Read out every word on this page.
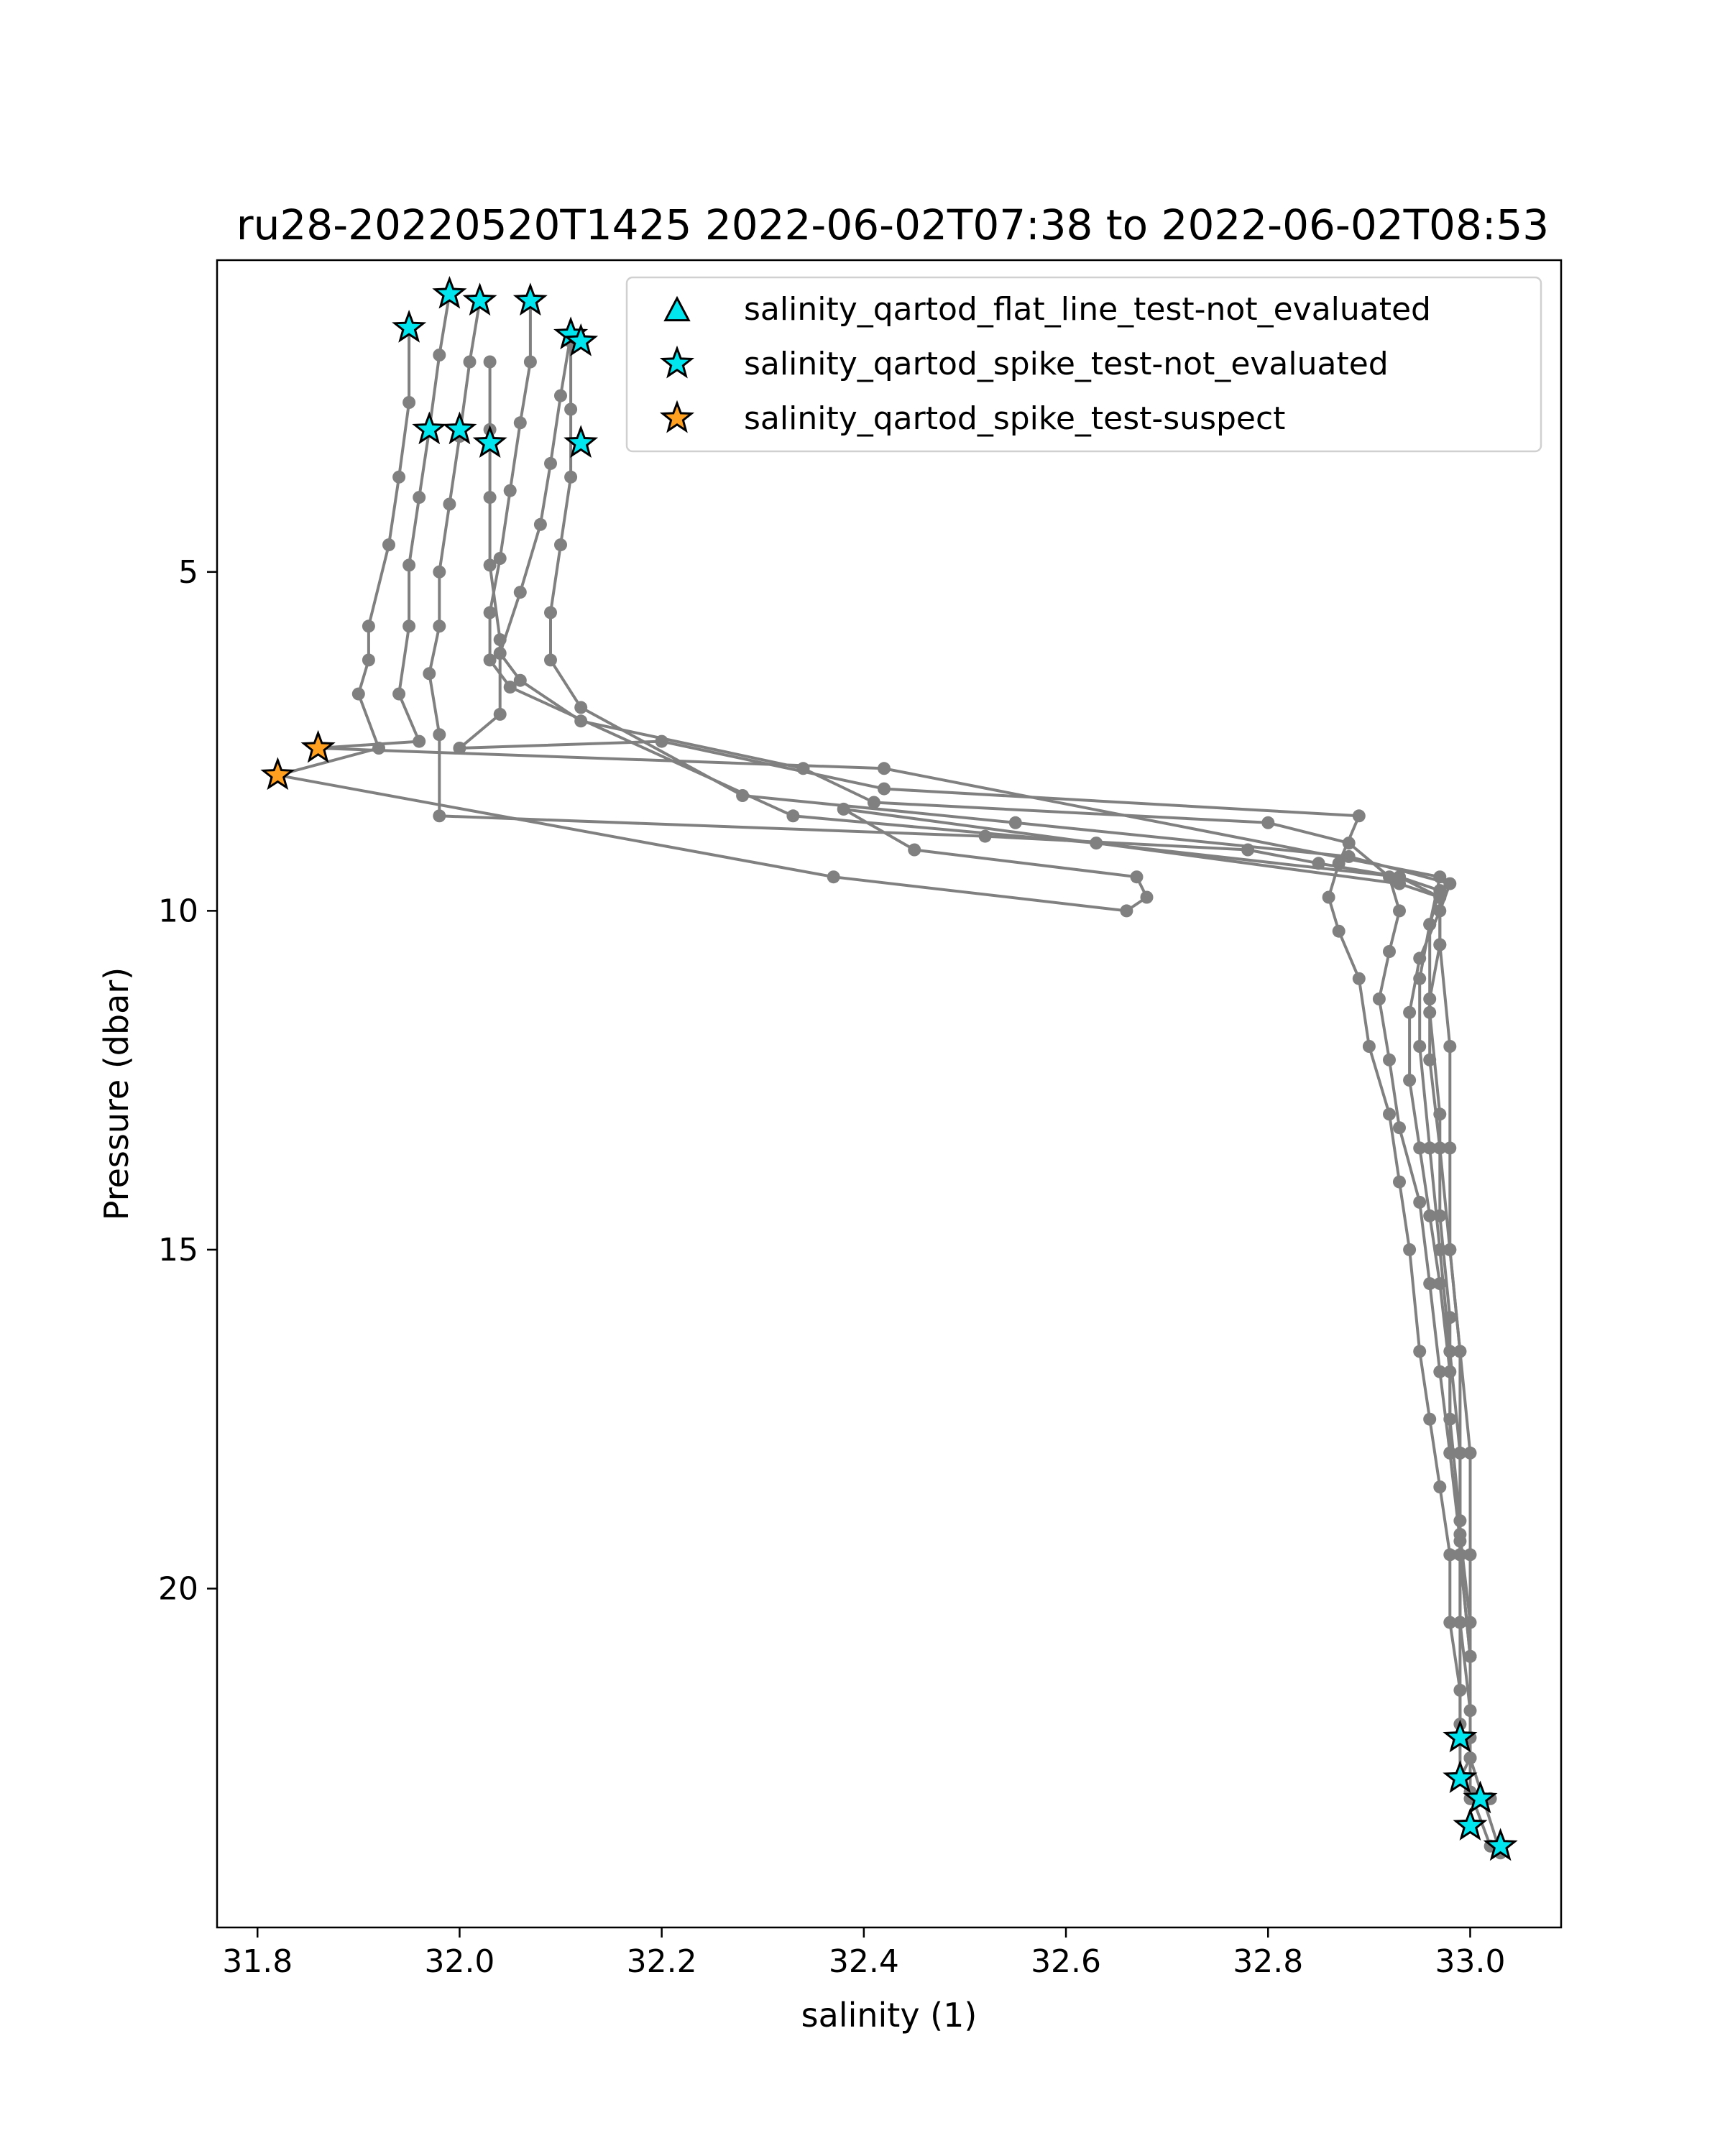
ru28-20220520T1425 2022-06-02T07:38 to 2022-06-02T08:53
31.8	32.0	32.2	32.4	32.6	32.8	33.0
5
10
15
20
salinity (1)
Pressure (dbar)
salinity_qartod_flat_line_test-not_evaluated
salinity_qartod_spike_test-not_evaluated
salinity_qartod_spike_test-suspect
